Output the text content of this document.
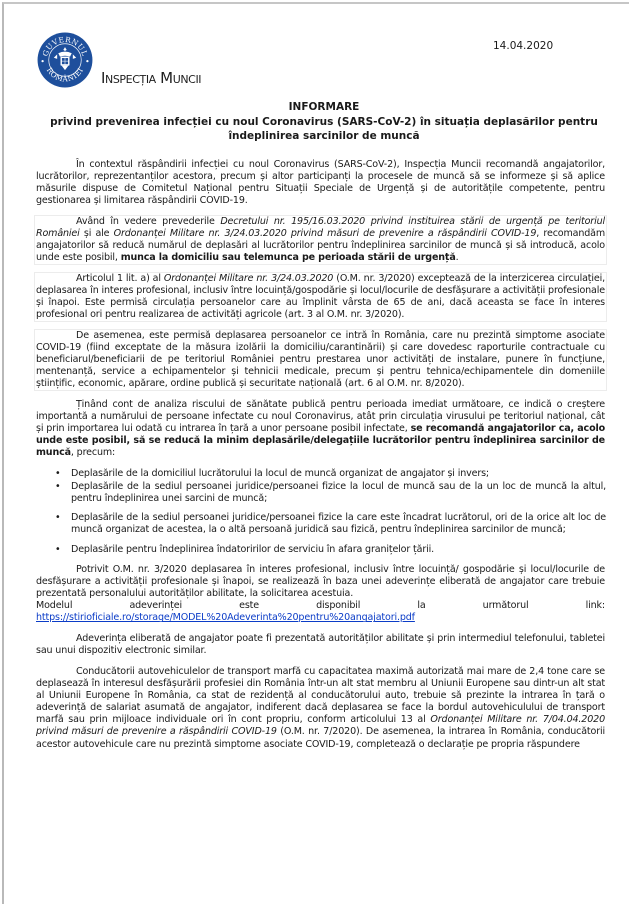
GUVERNUL
ROMÂNIEI Inspecția Muncii
14.04.2020
INFORMARE
privind prevenirea infecției cu noul Coronavirus (SARS-CoV-2) în situația deplasărilor pentru îndeplinirea sarcinilor de muncă

În contextul răspândirii infecției cu noul Coronavirus (SARS-CoV-2), Inspecția Muncii recomandă angajatorilor, lucrătorilor, reprezentanților acestora, precum și altor participanți la procesele de muncă să se informeze și să aplice măsurile dispuse de Comitetul Național pentru Situații Speciale de Urgență și de autoritățile competente, pentru gestionarea și limitarea răspândirii COVID-19.

Având în vedere prevederile Decretului nr. 195/16.03.2020 privind instituirea stării de urgență pe teritoriul României și ale Ordonanței Militare nr. 3/24.03.2020 privind măsuri de prevenire a răspândirii COVID-19, recomandăm angajatorilor să reducă numărul de deplasări al lucrătorilor pentru îndeplinirea sarcinilor de muncă și să introducă, acolo unde este posibil, munca la domiciliu sau telemunca pe perioada stării de urgență.

Articolul 1 lit. a) al Ordonanței Militare nr. 3/24.03.2020 (O.M. nr. 3/2020) exceptează de la interzicerea circulației, deplasarea în interes profesional, inclusiv între locuință/gospodărie și locul/locurile de desfășurare a activității profesionale și înapoi. Este permisă circulația persoanelor care au împlinit vârsta de 65 de ani, dacă aceasta se face în interes profesional ori pentru realizarea de activități agricole (art. 3 al O.M. nr. 3/2020).

De asemenea, este permisă deplasarea persoanelor ce intră în România, care nu prezintă simptome asociate COVID-19 (fiind exceptate de la măsura izolării la domiciliu/carantinării) și care dovedesc raporturile contractuale cu beneficiarul/beneficiarii de pe teritoriul României pentru prestarea unor activități de instalare, punere în funcțiune, mentenanță, service a echipamentelor și tehnicii medicale, precum și pentru tehnica/echipamentele din domeniile științific, economic, apărare, ordine publică și securitate națională (art. 6 al O.M. nr. 8/2020).

Ținând cont de analiza riscului de sănătate publică pentru perioada imediat următoare, ce indică o creștere importantă a numărului de persoane infectate cu noul Coronavirus, atât prin circulația virusului pe teritoriul național, cât și prin importarea lui odată cu intrarea în țară a unor persoane posibil infectate, se recomandă angajatorilor ca, acolo unde este posibil, să se reducă la minim deplasările/delegațiile lucrătorilor pentru îndeplinirea sarcinilor de muncă, precum:

• Deplasările de la domiciliul lucrătorului la locul de muncă organizat de angajator și invers;
• Deplasările de la sediul persoanei juridice/persoanei fizice la locul de muncă sau de la un loc de muncă la altul, pentru îndeplinirea unei sarcini de muncă;
• Deplasările de la sediul persoanei juridice/persoanei fizice la care este încadrat lucrătorul, ori de la orice alt loc de muncă organizat de acestea, la o altă persoană juridică sau fizică, pentru îndeplinirea sarcinilor de muncă;
• Deplasările pentru îndeplinirea îndatoririlor de serviciu în afara granițelor țării.
Potrivit O.M. nr. 3/2020 deplasarea în interes profesional, inclusiv între locuință/ gospodărie și locul/locurile de desfășurare a activității profesionale și înapoi, se realizează în baza unei adeverințe eliberată de angajator care trebuie prezentată personalului autorităților abilitate, la solicitarea acestuia.
Modelul	adeverinței	este	disponibil	la	următorul	link:
https://stirioficiale.ro/storage/MODEL%20Adeverinta%20pentru%20angajatori.pdf

Adeverința eliberată de angajator poate fi prezentată autorităților abilitate și prin intermediul telefonului, tabletei sau unui dispozitiv electronic similar.

Conducătorii autovehiculelor de transport marfă cu capacitatea maximă autorizată mai mare de 2,4 tone care se deplasează în interesul desfășurării profesiei din România într-un alt stat membru al Uniunii Europene sau dintr-un alt stat al Uniunii Europene în România, ca stat de rezidență al conducătorului auto, trebuie să prezinte la intrarea în țară o adeverință de salariat asumată de angajator, indiferent dacă deplasarea se face la bordul autovehiculului de transport marfă sau prin mijloace individuale ori în cont propriu, conform articolului 13 al Ordonanței Militare nr. 7/04.04.2020 privind măsuri de prevenire a răspândirii COVID-19 (O.M. nr. 7/2020). De asemenea, la intrarea în România, conducătorii acestor autovehicule care nu prezintă simptome asociate COVID-19, completează o declarație pe propria răspundere
